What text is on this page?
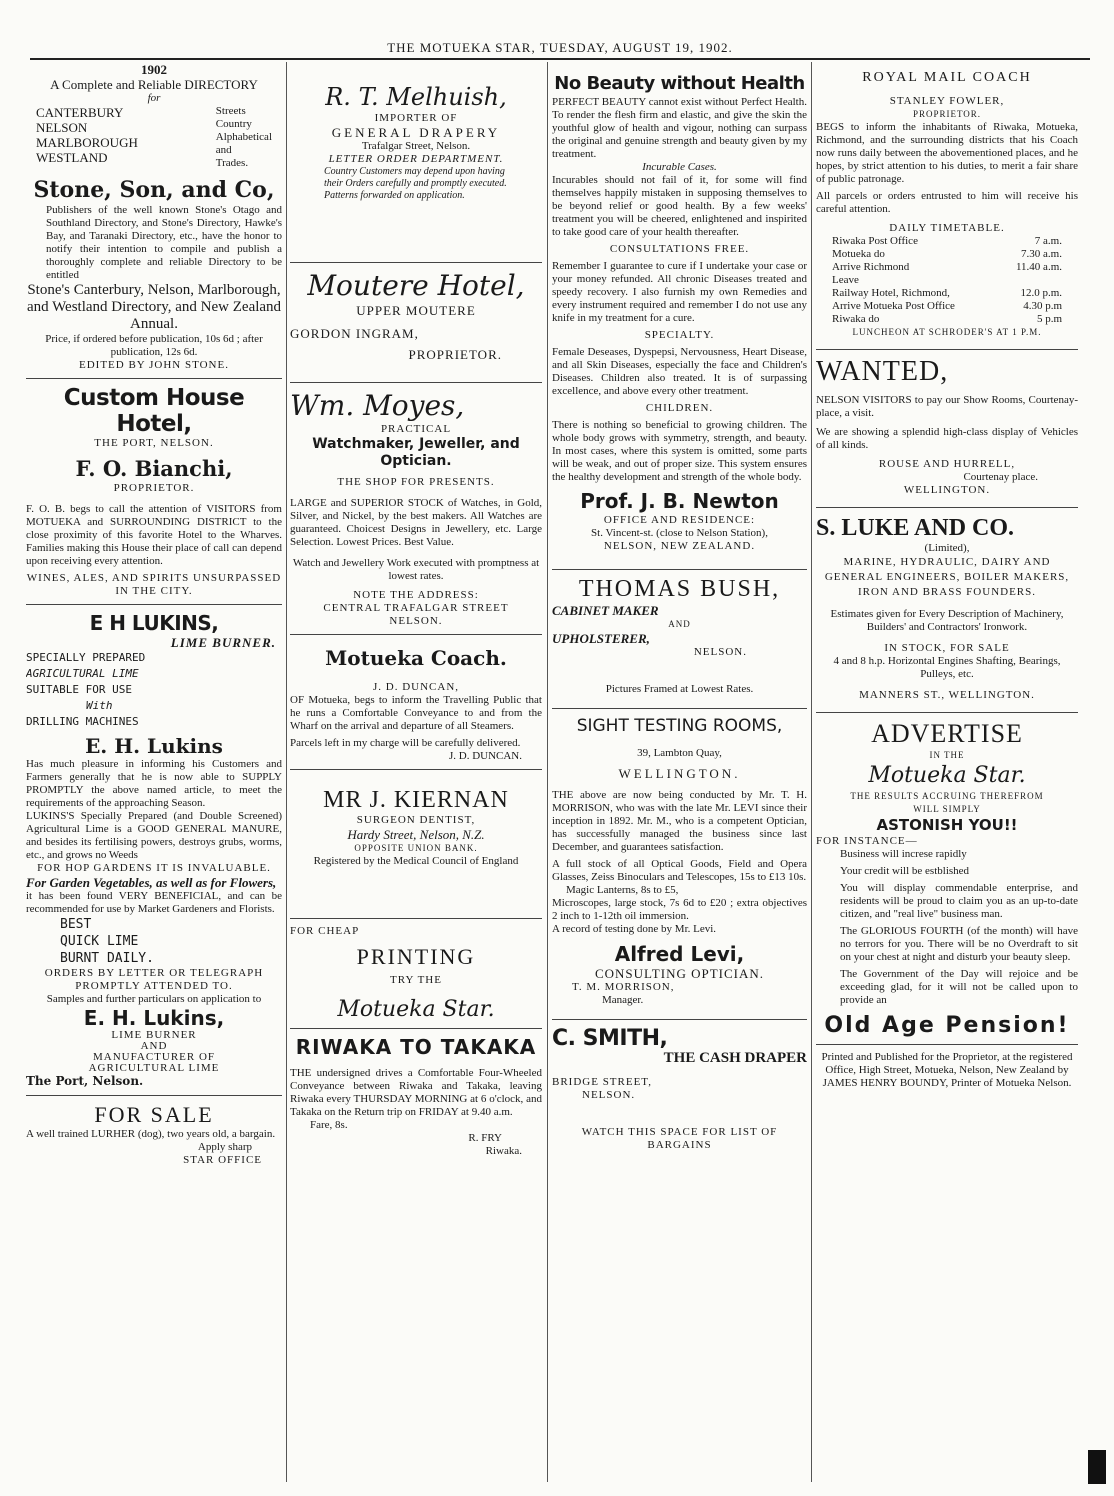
THE MOTUEKA STAR, TUESDAY, AUGUST 19, 1902.
1902
A Complete and Reliable DIRECTORY
for
CANTERBURY
NELSON
MARLBOROUGH
WESTLAND
Streets
Country
Alphabetical
and
Trades.
Stone, Son, and Co,
Publishers of the well known Stone's Otago and Southland Directory, and Stone's Directory, Hawke's Bay, and Taranaki Directory, etc., have the honor to notify their intention to compile and publish a thoroughly complete and reliable Directory to be entitled
Stone's Canterbury, Nelson, Marlborough, and Westland Directory, and New Zealand Annual.
Price, if ordered before publication, 10s 6d ; after publication, 12s 6d.
EDITED BY JOHN STONE.
Custom House Hotel,
THE PORT, NELSON.
F. O. Bianchi,
PROPRIETOR.
F. O. B. begs to call the attention of VISITORS from MOTUEKA and SURROUNDING DISTRICT to the close proximity of this favorite Hotel to the Wharves. Families making this House their place of call can depend upon receiving every attention.
WINES, ALES, AND SPIRITS UNSURPASSED IN THE CITY.
E H LUKINS,
LIME BURNER.
SPECIALLY PREPARED
AGRICULTURAL LIME
SUITABLE FOR USE
With
DRILLING MACHINES
E. H. Lukins
Has much pleasure in informing his Customers and Farmers generally that he is now able to SUPPLY PROMPTLY the above named article, to meet the requirements of the approaching Season.
LUKINS'S Specially Prepared (and Double Screened) Agricultural Lime is a GOOD GENERAL MANURE, and besides its fertilising powers, destroys grubs, worms, etc., and grows no Weeds
FOR HOP GARDENS IT IS INVALUABLE.
For Garden Vegetables, as well as for Flowers,
it has been found VERY BENEFICIAL, and can be recommended for use by Market Gardeners and Florists.
BEST
QUICK LIME
BURNT DAILY.
ORDERS BY LETTER OR TELEGRAPH PROMPTLY ATTENDED TO.
Samples and further particulars on application to
E. H. Lukins,
LIME BURNER
AND
MANUFACTURER OF
AGRICULTURAL LIME
The Port, Nelson.
FOR SALE
A well trained LURHER (dog), two years old, a bargain.
Apply sharp
STAR OFFICE
R. T. Melhuish,
IMPORTER OF
GENERAL DRAPERY
Trafalgar Street, Nelson.
LETTER ORDER DEPARTMENT.
Country Customers may depend upon having their Orders carefully and promptly executed. Patterns forwarded on application.
Moutere Hotel,
UPPER MOUTERE
GORDON INGRAM,
PROPRIETOR.
Wm. Moyes,
PRACTICAL
Watchmaker, Jeweller, and Optician.
THE SHOP FOR PRESENTS.
LARGE and SUPERIOR STOCK of Watches, in Gold, Silver, and Nickel, by the best makers. All Watches are guaranteed. Choicest Designs in Jewellery, etc. Large Selection. Lowest Prices. Best Value.
Watch and Jewellery Work executed with promptness at lowest rates.
NOTE THE ADDRESS:
CENTRAL TRAFALGAR STREET
NELSON.
Motueka Coach.
J. D. DUNCAN,
OF Motueka, begs to inform the Travelling Public that he runs a Comfortable Conveyance to and from the Wharf on the arrival and departure of all Steamers.
Parcels left in my charge will be carefully delivered.
J. D. DUNCAN.
MR J. KIERNAN
SURGEON DENTIST,
Hardy Street, Nelson, N.Z.
OPPOSITE UNION BANK.
Registered by the Medical Council of England
FOR CHEAP
PRINTING
TRY THE
Motueka Star.
RIWAKA TO TAKAKA
THE undersigned drives a Comfortable Four-Wheeled Conveyance between Riwaka and Takaka, leaving Riwaka every THURSDAY MORNING at 6 o'clock, and Takaka on the Return trip on FRIDAY at 9.40 a.m.
Fare, 8s.
R. FRY
Riwaka.
No Beauty without Health
PERFECT BEAUTY cannot exist without Perfect Health. To render the flesh firm and elastic, and give the skin the youthful glow of health and vigour, nothing can surpass the original and genuine strength and beauty given by my treatment.
Incurable Cases.
Incurables should not fail of it, for some will find themselves happily mistaken in supposing themselves to be beyond relief or good health. By a few weeks' treatment you will be cheered, enlightened and inspirited to take good care of your health thereafter.
CONSULTATIONS FREE.
Remember I guarantee to cure if I undertake your case or your money refunded. All chronic Diseases treated and speedy recovery. I also furnish my own Remedies and every instrument required and remember I do not use any knife in my treatment for a cure.
SPECIALTY.
Female Deseases, Dyspepsi, Nervousness, Heart Disease, and all Skin Diseases, especially the face and Children's Diseases. Children also treated. It is of surpassing excellence, and above every other treatment.
CHILDREN.
There is nothing so beneficial to growing children. The whole body grows with symmetry, strength, and beauty. In most cases, where this system is omitted, some parts will be weak, and out of proper size. This system ensures the healthy development and strength of the whole body.
Prof. J. B. Newton
OFFICE AND RESIDENCE:
St. Vincent-st. (close to Nelson Station),
NELSON, NEW ZEALAND.
THOMAS BUSH,
CABINET MAKER
AND
UPHOLSTERER,
NELSON.
Pictures Framed at Lowest Rates.
SIGHT TESTING ROOMS,
39, Lambton Quay,
WELLINGTON.
THE above are now being conducted by Mr. T. H. MORRISON, who was with the late Mr. LEVI since their inception in 1892. Mr. M., who is a competent Optician, has successfully managed the business since last December, and guarantees satisfaction.
A full stock of all Optical Goods, Field and Opera Glasses, Zeiss Binoculars and Telescopes, 15s to £13 10s.
Magic Lanterns, 8s to £5,
Microscopes, large stock, 7s 6d to £20 ; extra objectives 2 inch to 1-12th oil immersion.
A record of testing done by Mr. Levi.
Alfred Levi,
CONSULTING OPTICIAN.
T. M. MORRISON,
Manager.
C. SMITH,
THE CASH DRAPER
BRIDGE STREET,
NELSON.
WATCH THIS SPACE FOR LIST OF BARGAINS
ROYAL MAIL COACH
STANLEY FOWLER,
PROPRIETOR.
BEGS to inform the inhabitants of Riwaka, Motueka, Richmond, and the surrounding districts that his Coach now runs daily between the abovementioned places, and he hopes, by strict attention to his duties, to merit a fair share of public patronage.
All parcels or orders entrusted to him will receive his careful attention.
DAILY TIMETABLE.
Riwaka Post Office	7 a.m.
Motueka do	7.30 a.m.
Arrive Richmond	11.40 a.m.
Leave
Railway Hotel, Richmond,	12.0 p.m.
Arrive Motueka Post Office	4.30 p.m
Riwaka do	5 p.m
LUNCHEON AT SCHRODER'S AT 1 P.M.
WANTED,
NELSON VISITORS to pay our Show Rooms, Courtenay-place, a visit.
We are showing a splendid high-class display of Vehicles of all kinds.
ROUSE AND HURRELL,
Courtenay place.
WELLINGTON.
S. LUKE AND CO.
(Limited),
MARINE, HYDRAULIC, DAIRY AND GENERAL ENGINEERS, BOILER MAKERS, IRON AND BRASS FOUNDERS.
Estimates given for Every Description of Machinery, Builders' and Contractors' Ironwork.
IN STOCK, FOR SALE
4 and 8 h.p. Horizontal Engines Shafting, Bearings, Pulleys, etc.
MANNERS ST., WELLINGTON.
ADVERTISE
IN THE
Motueka Star.
THE RESULTS ACCRUING THEREFROM
WILL SIMPLY
ASTONISH YOU!!
FOR INSTANCE—
Business will increse rapidly
Your credit will be estblished
You will display commendable enterprise, and residents will be proud to claim you as an up-to-date citizen, and "real live" business man.
The GLORIOUS FOURTH (of the month) will have no terrors for you. There will be no Overdraft to sit on your chest at night and disturb your beauty sleep.
The Government of the Day will rejoice and be exceeding glad, for it will not be called upon to provide an
Old Age Pension!
Printed and Published for the Proprietor, at the registered Office, High Street, Motueka, Nelson, New Zealand by JAMES HENRY BOUNDY, Printer of Motueka Nelson.
